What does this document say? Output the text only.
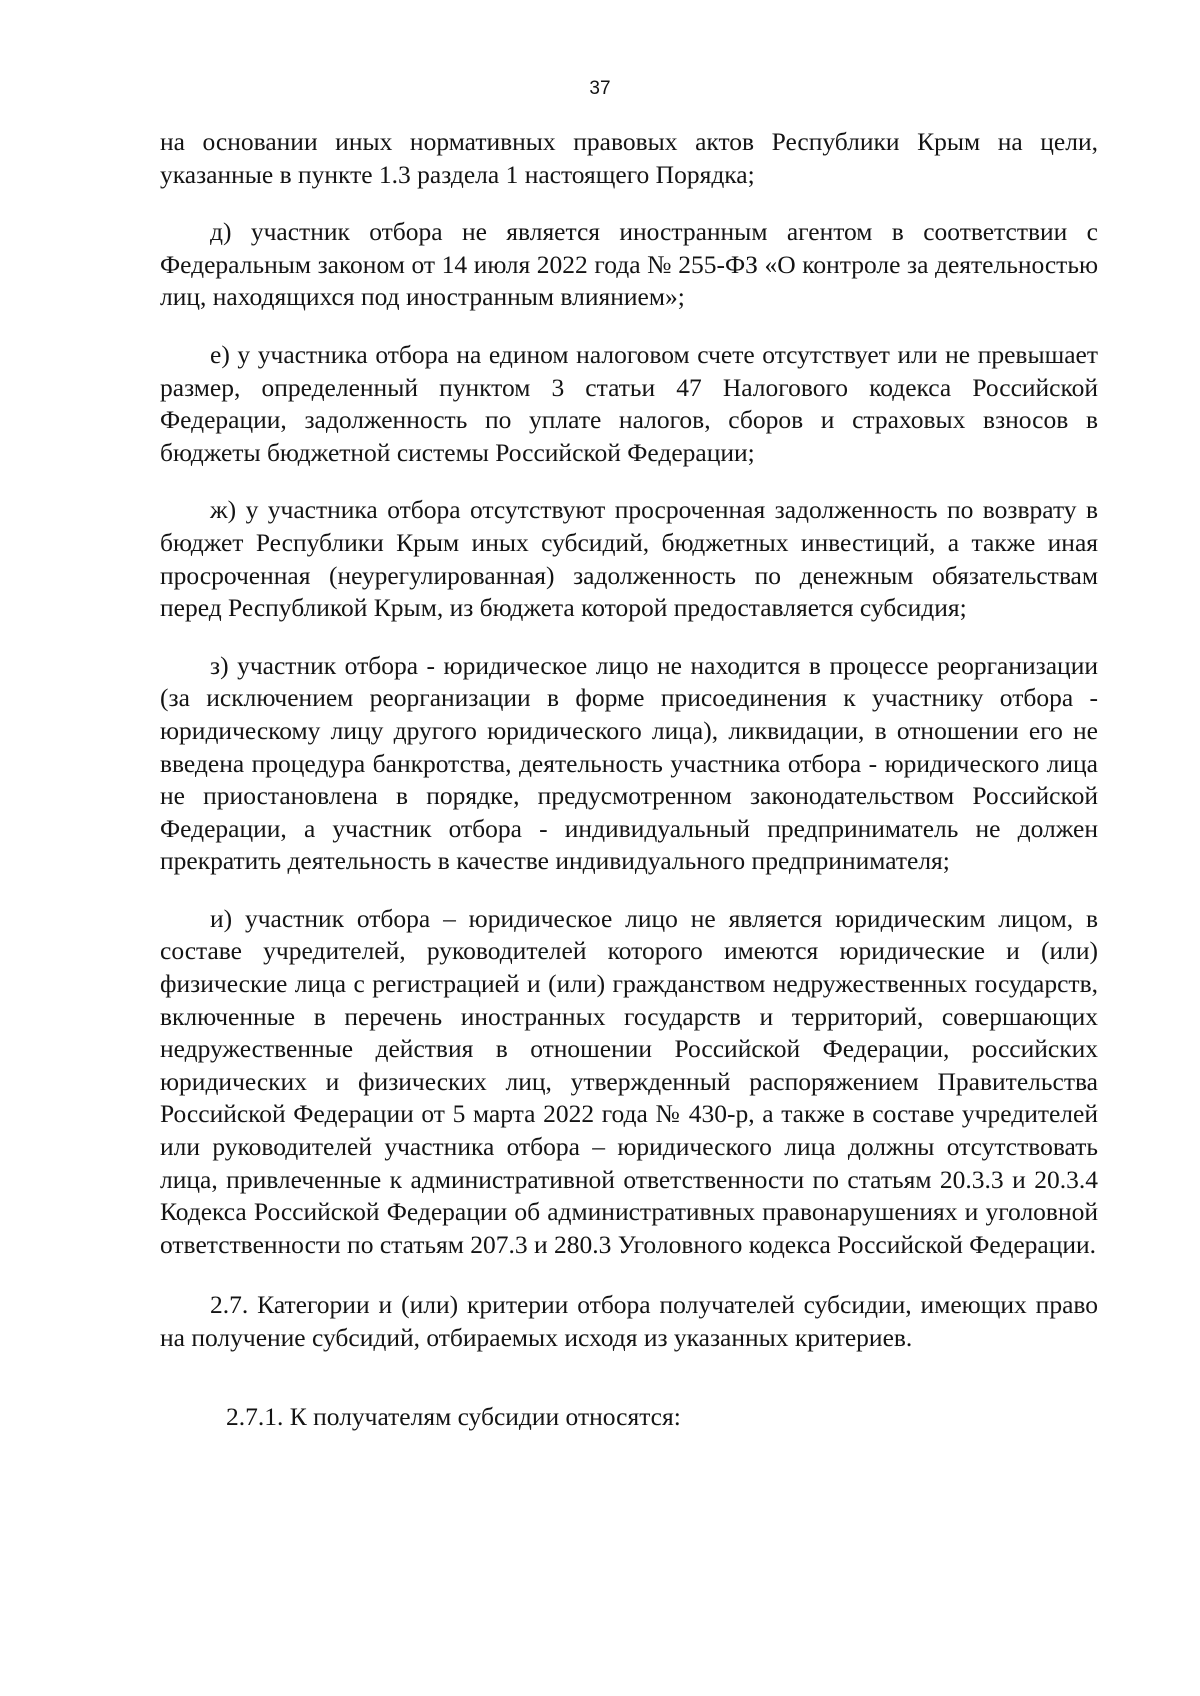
37

на основании иных нормативных правовых актов Республики Крым на цели, указанные в пункте 1.3 раздела 1 настоящего Порядка;

д) участник отбора не является иностранным агентом в соответствии с Федеральным законом от 14 июля 2022 года № 255-ФЗ «О контроле за деятельностью лиц, находящихся под иностранным влиянием»;

е) у участника отбора на едином налоговом счете отсутствует или не превышает размер, определенный пунктом 3 статьи 47 Налогового кодекса Российской Федерации, задолженность по уплате налогов, сборов и страховых взносов в бюджеты бюджетной системы Российской Федерации;

ж) у участника отбора отсутствуют просроченная задолженность по возврату в бюджет Республики Крым иных субсидий, бюджетных инвестиций, а также иная просроченная (неурегулированная) задолженность по денежным обязательствам перед Республикой Крым, из бюджета которой предоставляется субсидия;

з) участник отбора - юридическое лицо не находится в процессе реорганизации (за исключением реорганизации в форме присоединения к участнику отбора - юридическому лицу другого юридического лица), ликвидации, в отношении его не введена процедура банкротства, деятельность участника отбора - юридического лица не приостановлена в порядке, предусмотренном законодательством Российской Федерации, а участник отбора - индивидуальный предприниматель не должен прекратить деятельность в качестве индивидуального предпринимателя;

и) участник отбора – юридическое лицо не является юридическим лицом, в составе учредителей, руководителей которого имеются юридические и (или) физические лица с регистрацией и (или) гражданством недружественных государств, включенные в перечень иностранных государств и территорий, совершающих недружественные действия в отношении Российской Федерации, российских юридических и физических лиц, утвержденный распоряжением Правительства Российской Федерации от 5 марта 2022 года № 430-р, а также в составе учредителей или руководителей участника отбора – юридического лица должны отсутствовать лица, привлеченные к административной ответственности по статьям 20.3.3 и 20.3.4 Кодекса Российской Федерации об административных правонарушениях и уголовной ответственности по статьям 207.3 и 280.3 Уголовного кодекса Российской Федерации.

2.7. Категории и (или) критерии отбора получателей субсидии, имеющих право на получение субсидий, отбираемых исходя из указанных критериев.

2.7.1. К получателям субсидии относятся:
